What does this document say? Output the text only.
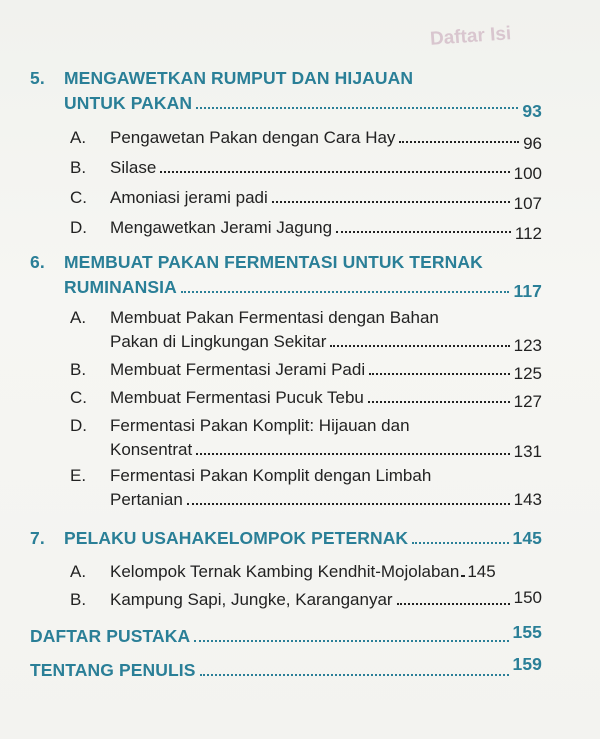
Daftar Isi
5.	MENGAWETKAN RUMPUT DAN HIJAUAN
UNTUK PAKAN	93
A.	Pengawetan Pakan dengan Cara Hay	96
B.	Silase	100
C.	Amoniasi jerami padi	107
D.	Mengawetkan Jerami Jagung	112
6.	MEMBUAT PAKAN FERMENTASI UNTUK TERNAK
RUMINANSIA	117
A.	Membuat Pakan Fermentasi dengan Bahan
Pakan di Lingkungan Sekitar	123
B.	Membuat Fermentasi Jerami Padi	125
C.	Membuat Fermentasi Pucuk Tebu	127
D.	Fermentasi Pakan Komplit: Hijauan dan
Konsentrat	131
E.	Fermentasi Pakan Komplit dengan Limbah
Pertanian	143
7.	PELAKU USAHAKELOMPOK PETERNAK	145
A.	Kelompok Ternak Kambing Kendhit-Mojolaban 145
B.	Kampung Sapi, Jungke, Karanganyar	150
DAFTAR PUSTAKA	155
TENTANG PENULIS	159
